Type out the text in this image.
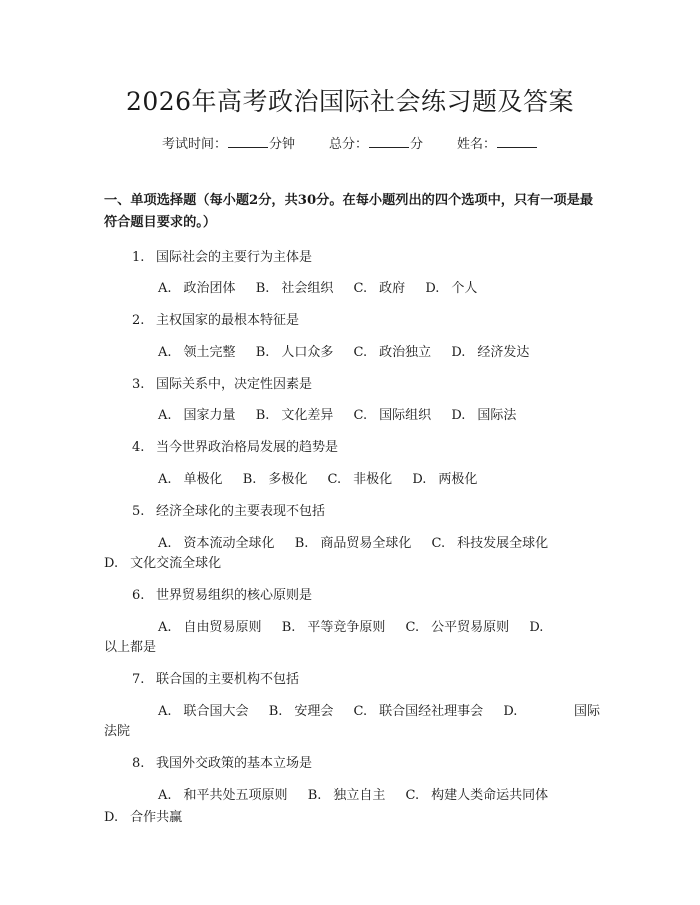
2026年高考政治国际社会练习题及答案
考试时间：	分钟	总分：	分	姓名：
一、单项选择题（每小题2分，共30分。在每小题列出的四个选项中，只有一项是最符合题目要求的。）
1. 国际社会的主要行为主体是
A. 政治团体 B. 社会组织 C. 政府 D. 个人
2. 主权国家的最根本特征是
A. 领土完整 B. 人口众多 C. 政治独立 D. 经济发达
3. 国际关系中，决定性因素是
A. 国家力量 B. 文化差异 C. 国际组织 D. 国际法
4. 当今世界政治格局发展的趋势是
A. 单极化 B. 多极化 C. 非极化 D. 两极化
5. 经济全球化的主要表现不包括
A. 资本流动全球化 B. 商品贸易全球化 C. 科技发展全球化
D. 文化交流全球化
6. 世界贸易组织的核心原则是
A. 自由贸易原则 B. 平等竞争原则 C. 公平贸易原则 D.
以上都是
7. 联合国的主要机构不包括
A. 联合国大会 B. 安理会 C. 联合国经社理事会 D.	国际
法院
8. 我国外交政策的基本立场是
A. 和平共处五项原则 B. 独立自主 C. 构建人类命运共同体
D. 合作共赢
